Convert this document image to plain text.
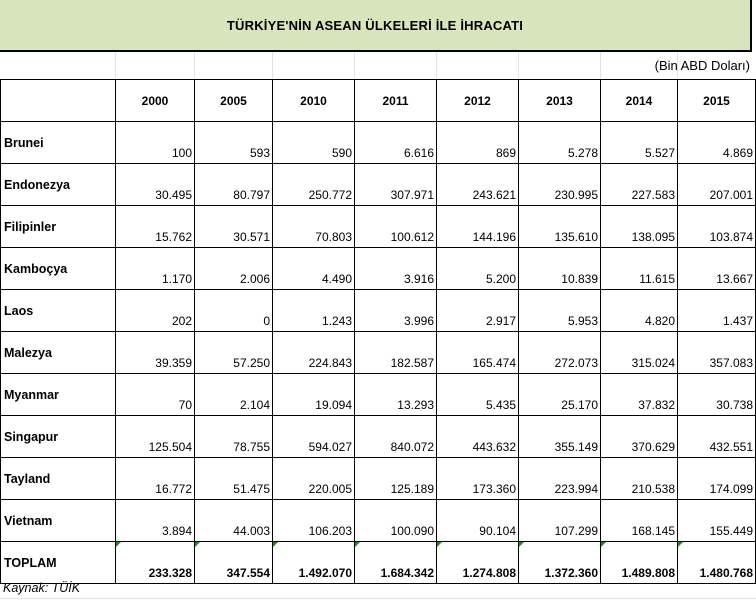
TÜRKİYE'NİN ASEAN ÜLKELERİ İLE İHRACATI
(Bin ABD Doları)
	2000	2005	2010	2011	2012	2013	2014	2015
Brunei	100	593	590	6.616	869	5.278	5.527	4.869
Endonezya	30.495	80.797	250.772	307.971	243.621	230.995	227.583	207.001
Filipinler	15.762	30.571	70.803	100.612	144.196	135.610	138.095	103.874
Kamboçya	1.170	2.006	4.490	3.916	5.200	10.839	11.615	13.667
Laos	202	0	1.243	3.996	2.917	5.953	4.820	1.437
Malezya	39.359	57.250	224.843	182.587	165.474	272.073	315.024	357.083
Myanmar	70	2.104	19.094	13.293	5.435	25.170	37.832	30.738
Singapur	125.504	78.755	594.027	840.072	443.632	355.149	370.629	432.551
Tayland	16.772	51.475	220.005	125.189	173.360	223.994	210.538	174.099
Vietnam	3.894	44.003	106.203	100.090	90.104	107.299	168.145	155.449
TOPLAM	233.328	347.554	1.492.070	1.684.342	1.274.808	1.372.360	1.489.808	1.480.768
Kaynak: TÜİK
